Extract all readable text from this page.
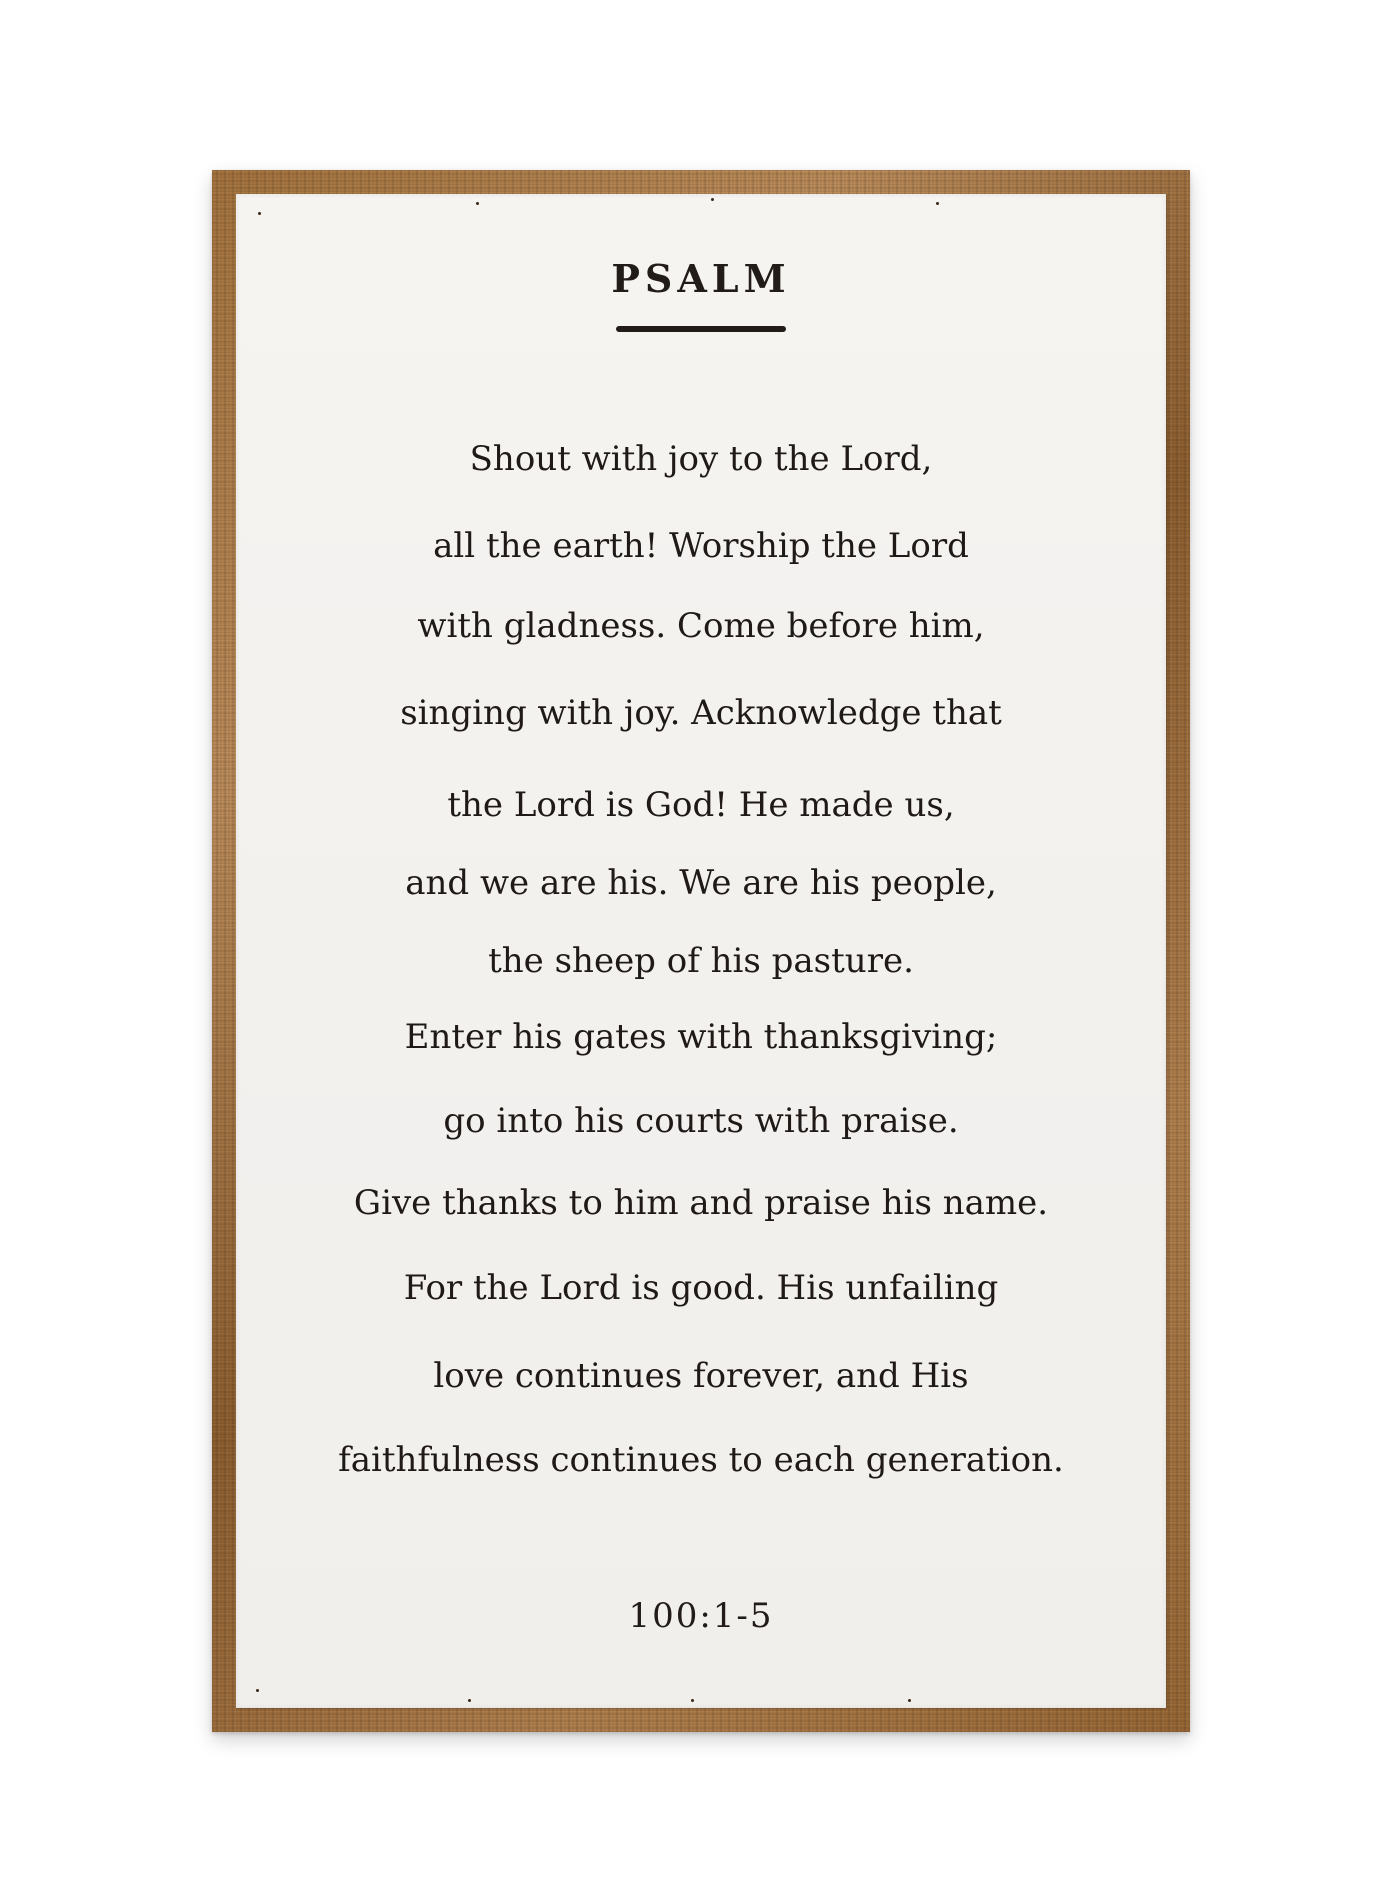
PSALM

Shout with joy to the Lord,

all the earth! Worship the Lord

with gladness. Come before him,

singing with joy. Acknowledge that

the Lord is God! He made us,

and we are his. We are his people,

the sheep of his pasture.

Enter his gates with thanksgiving;

go into his courts with praise.

Give thanks to him and praise his name.

For the Lord is good. His unfailing

love continues forever, and His

faithfulness continues to each generation.

100:1-5
